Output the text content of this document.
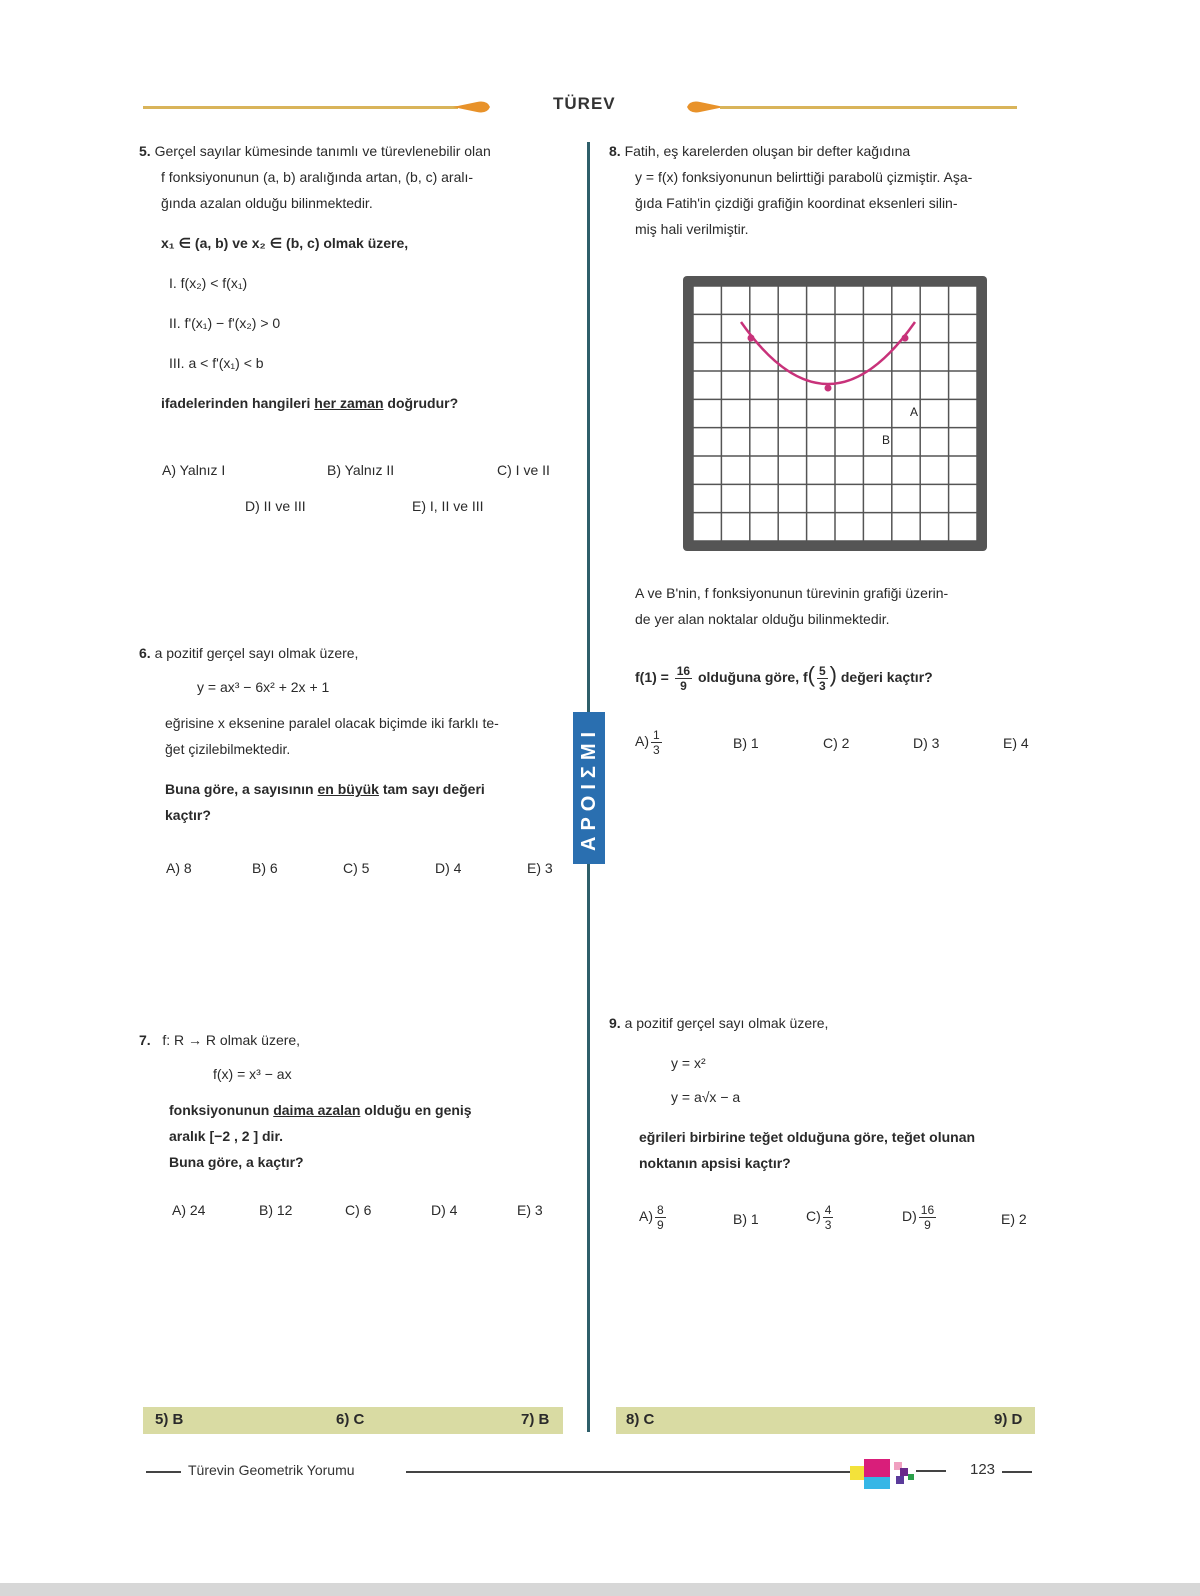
TÜREV
APOIΣMI
5. Gerçel sayılar kümesinde tanımlı ve türevlenebilir olan
f fonksiyonunun (a, b) aralığında artan, (b, c) aralı-
ğında azalan olduğu bilinmektedir.
x₁ ∈ (a, b) ve x₂ ∈ (b, c) olmak üzere,
I. f(x₂) < f(x₁)
II. f'(x₁) − f'(x₂) > 0
III. a < f'(x₁) < b
ifadelerinden hangileri her zaman doğrudur?
A) Yalnız I	B) Yalnız II	C) I ve II
D) II ve III	E) I, II ve III
6. a pozitif gerçel sayı olmak üzere,
y = ax³ − 6x² + 2x + 1
eğrisine x eksenine paralel olacak biçimde iki farklı te-
ğet çizilebilmektedir.
Buna göre, a sayısının en büyük tam sayı değeri
kaçtır?
A) 8	B) 6	C) 5	D) 4	E) 3
7. f: R → R olmak üzere,
f(x) = x³ − ax
fonksiyonunun daima azalan olduğu en geniş
aralık [−2 , 2 ] dir.
Buna göre, a kaçtır?
A) 24	B) 12	C) 6	D) 4	E) 3
8. Fatih, eş karelerden oluşan bir defter kağıdına
y = f(x) fonksiyonunun belirttiği parabolü çizmiştir. Aşa-
ğıda Fatih'in çizdiği grafiğin koordinat eksenleri silin-
miş hali verilmiştir.
A
B
A ve B'nin, f fonksiyonunun türevinin grafiği üzerin-
de yer alan noktalar olduğu bilinmektedir.
$f(1) = \frac{16}{9}$ olduğuna göre, $f( \frac{5}{3}$ ) değeri kaçtır?
$A) \frac{1}{3}$	B) 1	C) 2	D) 3	E) 4
9. a pozitif gerçel sayı olmak üzere,
y = x²
y = a√x − a
eğrileri birbirine teğet olduğuna göre, teğet olunan
noktanın apsisi kaçtır?
$A) \frac{8}{9}$	B) 1	$C) \frac{4}{3}$	$D) \frac{16}{9}$	E) 2
5) B	6) C	7) B	8) C	9) D
Türevin Geometrik Yorumu	123
